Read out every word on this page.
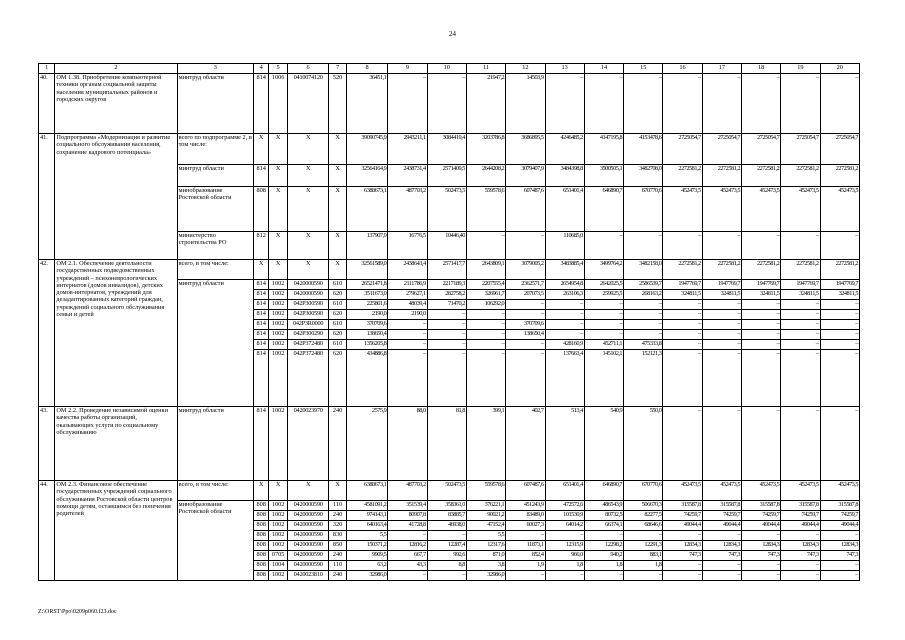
24
1	2	3	4	5	6	7	8	9	10	11	12	13	14	15	16	17	18	19	20
40.	ОМ 1.38. Приобретение компьютерной техники органам социальной защиты населения муниципальных районов и городских округов	минтруд области	814	1006	0410074120	520	36451,1	–	–	21947,2	14503,9	–	–	–	–	–	–	–	–
41.	Подпрограмма «Модернизация и развитие социального обслуживания населения, сохранение кадрового потенциала»	всего по подпрограмме 2, в том числе:	X	X	X	X	39090745,9	2943211,1	3084419,4	3203786,8	3686895,5	4246485,2	4147195,8	4153478,6	2725054,7	2725054,7	2725054,7	2725054,7	2725054,7
		минтруд области	814	X	X	X	32564164,9	2438731,4	2571409,5	2644208,2	3079407,9	3484398,8	3500505,1	3482708,0	2272581,2	2272581,2	2272581,2	2272581,2	2272581,2
		минобразование Ростовской области	808	X	X	X	6388673,1	487703,2	502473,5	559578,6	607487,6	651401,4	646890,7	670770,6	452473,5	452473,5	452473,5	452473,5	452473,5
		министерство строительства РО	812	X	X	X	137907,9	16776,5	10446,40	–	–	110685,0	–	–	–	–	–	–	–
42.	ОМ 2.1. Обеспечение деятельности государственных подведомственных учреждений – психоневрологических интернатов (домов инвалидов), детских домов-интернатов, учреждений для дезадаптированных категорий граждан, учреждений социального обслуживания семьи и детей	всего, в том числе:	X	X	X	X	32561589,0	2438643,4	2571417,7	2643809,1	3079005,2	3483885,4	3499764,2	3482158,0	2272581,2	2272581,2	2272581,2	2272581,2	2272581,2
		минтруд области	814	1002	0420000590	610	26521471,8	2111786,9	2217189,3	2207555,4	2362571,7	2654954,8	2642025,5	2586539,7	1947769,7	1947769,7	1947769,7	1947769,7	1947769,7
			814	1002	0420000590	620	3511673,0	279627,1	282758,2	326961,7	207073,5	263106,3	259925,5	268163,2	324811,5	324811,5	324811,5	324811,5	324811,5
			814	1002	042P300590	610	225801,6	48039,4	71470,2	106292,0	–	–	–	–	–	–	–	–	–
			814	1002	042P300590	620	2190,0	2190,0	–	–	–	–	–	–	–	–	–	–	–
			814	1002	042P3R0000	610	370709,6	–	–	–	370709,6	–	–	–	–	–	–	–	–
			814	1002	042P300290	620	138650,4	–	–	–	138650,4	–	–	–	–	–	–	–	–
			814	1002	042P372480	610	1356205,8	–	–	–	–	428160,9	452711,1	475333,8	–	–	–	–	–
			814	1002	042P372480	620	434886,8	–	–	–	–	137663,4	145102,1	152121,3	–	–	–	–	–
43.	ОМ 2.2. Проведение независимой оценки качества работы организаций, оказывающих услуги по социальному обслуживанию	минтруд области	814	1002	0420023970	240	2575,9	88,0	81,8	399,1	402,7	513,4	540,9	550,0	–	–	–	–	–
44.	ОМ 2.3. Финансовое обеспечение государственных учреждений социального обслуживания Ростовской области центров помощи детям, оставшимся без попечения родителей	всего, в том числе:	X	X	X	X	6388673,1	487703,2	502473,5	559578,6	607487,6	651401,4	646890,7	670770,6	452473,5	452473,5	452473,5	452473,5	452473,5
		минобразование Ростовской области	808	1002	0420000590	110	4581091,2	351539,4	358361,0	376221,1	451243,9	472572,6	486543,9	506670,3	315587,8	315587,8	315587,8	315587,8	315587,8
			808	1002	0420000590	240	974143,1	80907,8	83885,7	90021,2	83489,0	101530,9	80732,5	82277,5	74259,7	74259,7	74259,7	74259,7	74259,7
			808	1002	0420000590	320	640163,4	41728,8	46938,0	47152,4	60027,3	64014,2	66374,1	68646,6	49044,4	49044,4	49044,4	49044,4	49044,4
			808	1002	0420000590	830	5,5	–	–	5,5	–	–	–	–	–	–	–	–	–
			808	1002	0420000590	850	150371,2	12816,2	12287,4	12317,6	11873,1	12315,9	12298,2	12291,3	12834,3	12834,3	12834,3	12834,3	12834,3
			808	0705	0420000590	240	9909,5	667,7	992,6	871,0	852,4	966,0	940,2	883,1	747,3	747,3	747,3	747,3	747,3
			808	1004	0420000590	110	63,2	43,3	8,8	3,8	1,9	1,8	1,8	1,8	–	–	–	–	–
			808	1002	0420023810	240	32986,0	–	–	32986,0	–	–	–	–	–	–	–	–	–
Z:\ORST\Ppo\0209p060.f23.doc
